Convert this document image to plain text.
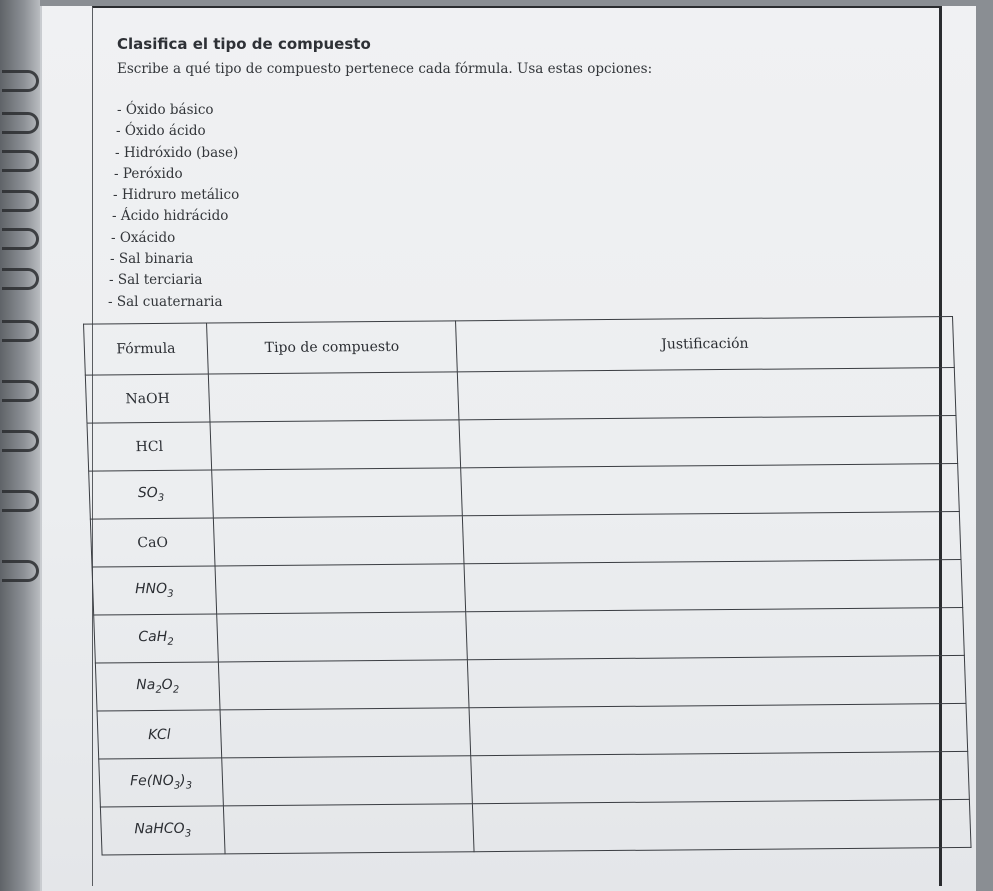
Clasifica el tipo de compuesto
Escribe a qué tipo de compuesto pertenece cada fórmula. Usa estas opciones:
- Óxido básico
- Óxido ácido
- Hidróxido (base)
- Peróxido
- Hidruro metálico
- Ácido hidrácido
- Oxácido
- Sal binaria
- Sal terciaria
- Sal cuaternaria
Fórmula	Tipo de compuesto	Justificación
NaOH		
HCl		
$SO_3$		
CaO		
$HNO_3$		
CaH$_2$		
$Na_2O_2$		
KCl		
$Fe(NO_3)_3$		
NaHCO$_3$		
